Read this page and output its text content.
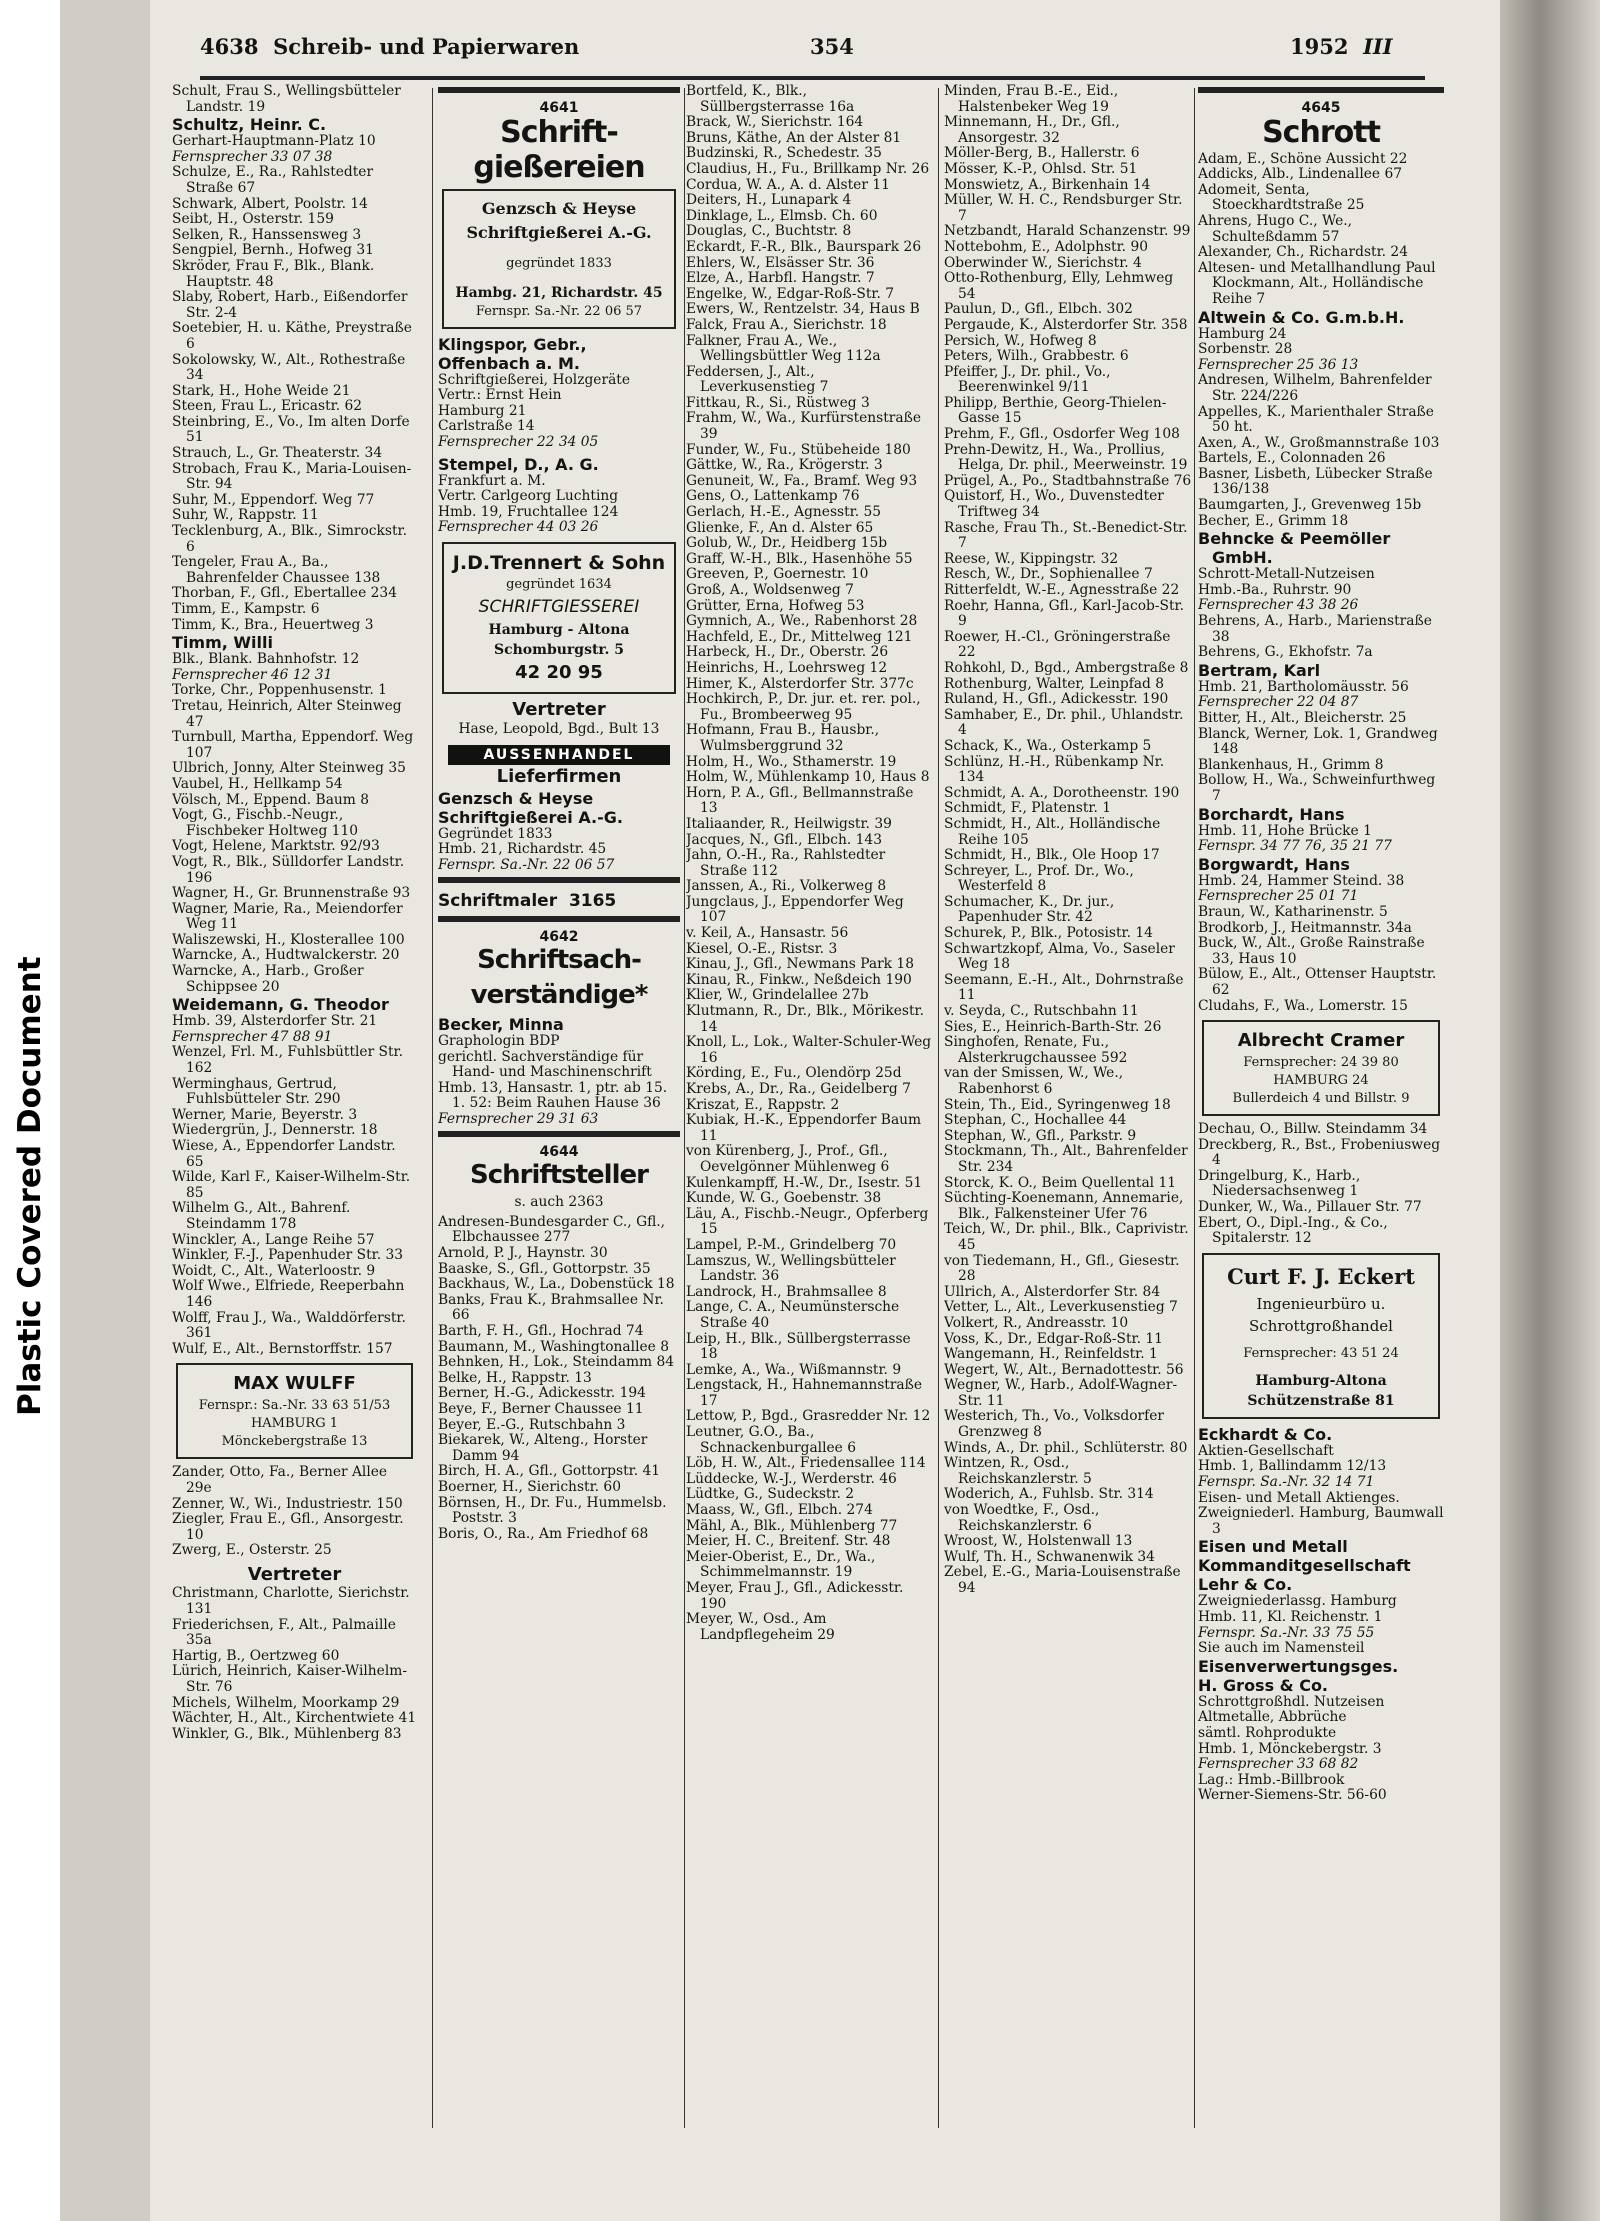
Plastic Covered Document
4638 Schreib- und Papierwaren	354	1952 III
Schult, Frau S., Wellingsbütteler Landstr. 19
Schultz, Heinr. C.
Gerhart-Hauptmann-Platz 10
Fernsprecher 33 07 38
Schulze, E., Ra., Rahlstedter Straße 67
Schwark, Albert, Poolstr. 14
Seibt, H., Osterstr. 159
Selken, R., Hanssensweg 3
Sengpiel, Bernh., Hofweg 31
Skröder, Frau F., Blk., Blank. Hauptstr. 48
Slaby, Robert, Harb., Eißendorfer Str. 2-4
Soetebier, H. u. Käthe, Preystraße 6
Sokolowsky, W., Alt., Rothestraße 34
Stark, H., Hohe Weide 21
Steen, Frau L., Ericastr. 62
Steinbring, E., Vo., Im alten Dorfe 51
Strauch, L., Gr. Theaterstr. 34
Strobach, Frau K., Maria-Louisen-Str. 94
Suhr, M., Eppendorf. Weg 77
Suhr, W., Rappstr. 11
Tecklenburg, A., Blk., Simrockstr. 6
Tengeler, Frau A., Ba., Bahrenfelder Chaussee 138
Thorban, F., Gfl., Ebertallee 234
Timm, E., Kampstr. 6
Timm, K., Bra., Heuertweg 3
Timm, Willi
Blk., Blank. Bahnhofstr. 12
Fernsprecher 46 12 31
Torke, Chr., Poppenhusenstr. 1
Tretau, Heinrich, Alter Steinweg 47
Turnbull, Martha, Eppendorf. Weg 107
Ulbrich, Jonny, Alter Steinweg 35
Vaubel, H., Hellkamp 54
Völsch, M., Eppend. Baum 8
Vogt, G., Fischb.-Neugr., Fischbeker Holtweg 110
Vogt, Helene, Marktstr. 92/93
Vogt, R., Blk., Sülldorfer Landstr. 196
Wagner, H., Gr. Brunnenstraße 93
Wagner, Marie, Ra., Meiendorfer Weg 11
Waliszewski, H., Klosterallee 100
Warncke, A., Hudtwalckerstr. 20
Warncke, A., Harb., Großer Schippsee 20
Weidemann, G. Theodor
Hmb. 39, Alsterdorfer Str. 21
Fernsprecher 47 88 91
Wenzel, Frl. M., Fuhlsbüttler Str. 162
Werminghaus, Gertrud, Fuhlsbütteler Str. 290
Werner, Marie, Beyerstr. 3
Wiedergrün, J., Dennerstr. 18
Wiese, A., Eppendorfer Landstr. 65
Wilde, Karl F., Kaiser-Wilhelm-Str. 85
Wilhelm G., Alt., Bahrenf. Steindamm 178
Winckler, A., Lange Reihe 57
Winkler, F.-J., Papenhuder Str. 33
Woidt, C., Alt., Waterloostr. 9
Wolf Wwe., Elfriede, Reeperbahn 146
Wolff, Frau J., Wa., Walddörferstr. 361
Wulf, E., Alt., Bernstorffstr. 157
MAX WULFF
Fernspr.: Sa.-Nr. 33 63 51/53
HAMBURG 1
Mönckebergstraße 13
Zander, Otto, Fa., Berner Allee 29e
Zenner, W., Wi., Industriestr. 150
Ziegler, Frau E., Gfl., Ansorgestr. 10
Zwerg, E., Osterstr. 25
Vertreter
Christmann, Charlotte, Sierichstr. 131
Friederichsen, F., Alt., Palmaille 35a
Hartig, B., Oertzweg 60
Lürich, Heinrich, Kaiser-Wilhelm-Str. 76
Michels, Wilhelm, Moorkamp 29
Wächter, H., Alt., Kirchentwiete 41
Winkler, G., Blk., Mühlenberg 83
4641
Schrift-
gießereien
Genzsch & Heyse
Schriftgießerei A.-G.
gegründet 1833
Hambg. 21, Richardstr. 45
Fernspr. Sa.-Nr. 22 06 57
Klingspor, Gebr.,
Offenbach a. M.
Schriftgießerei, Holzgeräte
Vertr.: Ernst Hein
Hamburg 21
Carlstraße 14
Fernsprecher 22 34 05
Stempel, D., A. G.
Frankfurt a. M.
Vertr. Carlgeorg Luchting
Hmb. 19, Fruchtallee 124
Fernsprecher 44 03 26
J.D.Trennert & Sohn
gegründet 1634
SCHRIFTGIESSEREI
Hamburg - Altona
Schomburgstr. 5
42 20 95
Vertreter
Hase, Leopold, Bgd., Bult 13
AUSSENHANDEL
Lieferfirmen
Genzsch & Heyse
Schriftgießerei A.-G.
Gegründet 1833
Hmb. 21, Richardstr. 45
Fernspr. Sa.-Nr. 22 06 57
Schriftmaler 3165
4642
Schriftsach-
verständige*
Becker, Minna
Graphologin BDP
gerichtl. Sachverständige für Hand- und Maschinenschrift
Hmb. 13, Hansastr. 1, ptr. ab 15. 1. 52: Beim Rauhen Hause 36
Fernsprecher 29 31 63
4644
Schriftsteller
s. auch 2363
Andresen-Bundesgarder C., Gfl., Elbchaussee 277
Arnold, P. J., Haynstr. 30
Baaske, S., Gfl., Gottorpstr. 35
Backhaus, W., La., Dobenstück 18
Banks, Frau K., Brahmsallee Nr. 66
Barth, F. H., Gfl., Hochrad 74
Baumann, M., Washingtonallee 8
Behnken, H., Lok., Steindamm 84
Belke, H., Rappstr. 13
Berner, H.-G., Adickesstr. 194
Beye, F., Berner Chaussee 11
Beyer, E.-G., Rutschbahn 3
Biekarek, W., Alteng., Horster Damm 94
Birch, H. A., Gfl., Gottorpstr. 41
Boerner, H., Sierichstr. 60
Börnsen, H., Dr. Fu., Hummelsb. Poststr. 3
Boris, O., Ra., Am Friedhof 68
Bortfeld, K., Blk., Süllbergsterrasse 16a
Brack, W., Sierichstr. 164
Bruns, Käthe, An der Alster 81
Budzinski, R., Schedestr. 35
Claudius, H., Fu., Brillkamp Nr. 26
Cordua, W. A., A. d. Alster 11
Deiters, H., Lunapark 4
Dinklage, L., Elmsb. Ch. 60
Douglas, C., Buchtstr. 8
Eckardt, F.-R., Blk., Baurspark 26
Ehlers, W., Elsässer Str. 36
Elze, A., Harbfl. Hangstr. 7
Engelke, W., Edgar-Roß-Str. 7
Ewers, W., Rentzelstr. 34, Haus B
Falck, Frau A., Sierichstr. 18
Falkner, Frau A., We., Wellingsbüttler Weg 112a
Feddersen, J., Alt., Leverkusenstieg 7
Fittkau, R., Si., Rüstweg 3
Frahm, W., Wa., Kurfürstenstraße 39
Funder, W., Fu., Stübeheide 180
Gättke, W., Ra., Krögerstr. 3
Genuneit, W., Fa., Bramf. Weg 93
Gens, O., Lattenkamp 76
Gerlach, H.-E., Agnesstr. 55
Glienke, F., An d. Alster 65
Golub, W., Dr., Heidberg 15b
Graff, W.-H., Blk., Hasenhöhe 55
Greeven, P., Goernestr. 10
Groß, A., Woldsenweg 7
Grütter, Erna, Hofweg 53
Gymnich, A., We., Rabenhorst 28
Hachfeld, E., Dr., Mittelweg 121
Harbeck, H., Dr., Oberstr. 26
Heinrichs, H., Loehrsweg 12
Himer, K., Alsterdorfer Str. 377c
Hochkirch, P., Dr. jur. et. rer. pol., Fu., Brombeerweg 95
Hofmann, Frau B., Hausbr., Wulmsberggrund 32
Holm, H., Wo., Sthamerstr. 19
Holm, W., Mühlenkamp 10, Haus 8
Horn, P. A., Gfl., Bellmannstraße 13
Italiaander, R., Heilwigstr. 39
Jacques, N., Gfl., Elbch. 143
Jahn, O.-H., Ra., Rahlstedter Straße 112
Janssen, A., Ri., Volkerweg 8
Jungclaus, J., Eppendorfer Weg 107
v. Keil, A., Hansastr. 56
Kiesel, O.-E., Ristsr. 3
Kinau, J., Gfl., Newmans Park 18
Kinau, R., Finkw., Neßdeich 190
Klier, W., Grindelallee 27b
Klutmann, R., Dr., Blk., Mörikestr. 14
Knoll, L., Lok., Walter-Schuler-Weg 16
Körding, E., Fu., Olendörp 25d
Krebs, A., Dr., Ra., Geidelberg 7
Kriszat, E., Rappstr. 2
Kubiak, H.-K., Eppendorfer Baum 11
von Kürenberg, J., Prof., Gfl., Oevelgönner Mühlenweg 6
Kulenkampff, H.-W., Dr., Isestr. 51
Kunde, W. G., Goebenstr. 38
Läu, A., Fischb.-Neugr., Opferberg 15
Lampel, P.-M., Grindelberg 70
Lamszus, W., Wellingsbütteler Landstr. 36
Landrock, H., Brahmsallee 8
Lange, C. A., Neumünstersche Straße 40
Leip, H., Blk., Süllbergsterrasse 18
Lemke, A., Wa., Wißmannstr. 9
Lengstack, H., Hahnemannstraße 17
Lettow, P., Bgd., Grasredder Nr. 12
Leutner, G.O., Ba., Schnackenburgallee 6
Löb, H. W., Alt., Friedensallee 114
Lüddecke, W.-J., Werderstr. 46
Lüdtke, G., Sudeckstr. 2
Maass, W., Gfl., Elbch. 274
Mähl, A., Blk., Mühlenberg 77
Meier, H. C., Breitenf. Str. 48
Meier-Oberist, E., Dr., Wa., Schimmelmannstr. 19
Meyer, Frau J., Gfl., Adickesstr. 190
Meyer, W., Osd., Am Landpflegeheim 29
Minden, Frau B.-E., Eid., Halstenbeker Weg 19
Minnemann, H., Dr., Gfl., Ansorgestr. 32
Möller-Berg, B., Hallerstr. 6
Mösser, K.-P., Ohlsd. Str. 51
Monswietz, A., Birkenhain 14
Müller, W. H. C., Rendsburger Str. 7
Netzbandt, Harald Schanzenstr. 99
Nottebohm, E., Adolphstr. 90
Oberwinder W., Sierichstr. 4
Otto-Rothenburg, Elly, Lehmweg 54
Paulun, D., Gfl., Elbch. 302
Pergaude, K., Alsterdorfer Str. 358
Persich, W., Hofweg 8
Peters, Wilh., Grabbestr. 6
Pfeiffer, J., Dr. phil., Vo., Beerenwinkel 9/11
Philipp, Berthie, Georg-Thielen-Gasse 15
Prehm, F., Gfl., Osdorfer Weg 108
Prehn-Dewitz, H., Wa., Prollius, Helga, Dr. phil., Meerweinstr. 19
Prügel, A., Po., Stadtbahnstraße 76
Quistorf, H., Wo., Duvenstedter Triftweg 34
Rasche, Frau Th., St.-Benedict-Str. 7
Reese, W., Kippingstr. 32
Resch, W., Dr., Sophienallee 7
Ritterfeldt, W.-E., Agnesstraße 22
Roehr, Hanna, Gfl., Karl-Jacob-Str. 9
Roewer, H.-Cl., Gröningerstraße 22
Rohkohl, D., Bgd., Ambergstraße 8
Rothenburg, Walter, Leinpfad 8
Ruland, H., Gfl., Adickesstr. 190
Samhaber, E., Dr. phil., Uhlandstr. 4
Schack, K., Wa., Osterkamp 5
Schlünz, H.-H., Rübenkamp Nr. 134
Schmidt, A. A., Dorotheenstr. 190
Schmidt, F., Platenstr. 1
Schmidt, H., Alt., Holländische Reihe 105
Schmidt, H., Blk., Ole Hoop 17
Schreyer, L., Prof. Dr., Wo., Westerfeld 8
Schumacher, K., Dr. jur., Papenhuder Str. 42
Schurek, P., Blk., Potosistr. 14
Schwartzkopf, Alma, Vo., Saseler Weg 18
Seemann, E.-H., Alt., Dohrnstraße 11
v. Seyda, C., Rutschbahn 11
Sies, E., Heinrich-Barth-Str. 26
Singhofen, Renate, Fu., Alsterkrugchaussee 592
van der Smissen, W., We., Rabenhorst 6
Stein, Th., Eid., Syringenweg 18
Stephan, C., Hochallee 44
Stephan, W., Gfl., Parkstr. 9
Stockmann, Th., Alt., Bahrenfelder Str. 234
Storck, K. O., Beim Quellental 11
Süchting-Koenemann, Annemarie, Blk., Falkensteiner Ufer 76
Teich, W., Dr. phil., Blk., Caprivistr. 45
von Tiedemann, H., Gfl., Giesestr. 28
Ullrich, A., Alsterdorfer Str. 84
Vetter, L., Alt., Leverkusenstieg 7
Volkert, R., Andreasstr. 10
Voss, K., Dr., Edgar-Roß-Str. 11
Wangemann, H., Reinfeldstr. 1
Wegert, W., Alt., Bernadottestr. 56
Wegner, W., Harb., Adolf-Wagner-Str. 11
Westerich, Th., Vo., Volksdorfer Grenzweg 8
Winds, A., Dr. phil., Schlüterstr. 80
Wintzen, R., Osd., Reichskanzlerstr. 5
Woderich, A., Fuhlsb. Str. 314
von Woedtke, F., Osd., Reichskanzlerstr. 6
Wroost, W., Holstenwall 13
Wulf, Th. H., Schwanenwik 34
Zebel, E.-G., Maria-Louisenstraße 94
4645
Schrott
Adam, E., Schöne Aussicht 22
Addicks, Alb., Lindenallee 67
Adomeit, Senta, Stoeckhardtstraße 25
Ahrens, Hugo C., We., Schulteßdamm 57
Alexander, Ch., Richardstr. 24
Altesen- und Metallhandlung Paul Klockmann, Alt., Holländische Reihe 7
Altwein & Co. G.m.b.H.
Hamburg 24
Sorbenstr. 28
Fernsprecher 25 36 13
Andresen, Wilhelm, Bahrenfelder Str. 224/226
Appelles, K., Marienthaler Straße 50 ht.
Axen, A., W., Großmannstraße 103
Bartels, E., Colonnaden 26
Basner, Lisbeth, Lübecker Straße 136/138
Baumgarten, J., Grevenweg 15b
Becher, E., Grimm 18
Behncke & Peemöller GmbH.
Schrott-Metall-Nutzeisen
Hmb.-Ba., Ruhrstr. 90
Fernsprecher 43 38 26
Behrens, A., Harb., Marienstraße 38
Behrens, G., Ekhofstr. 7a
Bertram, Karl
Hmb. 21, Bartholomäusstr. 56
Fernsprecher 22 04 87
Bitter, H., Alt., Bleicherstr. 25
Blanck, Werner, Lok. 1, Grandweg 148
Blankenhaus, H., Grimm 8
Bollow, H., Wa., Schweinfurthweg 7
Borchardt, Hans
Hmb. 11, Hohe Brücke 1
Fernspr. 34 77 76, 35 21 77
Borgwardt, Hans
Hmb. 24, Hammer Steind. 38
Fernsprecher 25 01 71
Braun, W., Katharinenstr. 5
Brodkorb, J., Heitmannstr. 34a
Buck, W., Alt., Große Rainstraße 33, Haus 10
Bülow, E., Alt., Ottenser Hauptstr. 62
Cludahs, F., Wa., Lomerstr. 15
Albrecht Cramer
Fernsprecher: 24 39 80
HAMBURG 24
Bullerdeich 4 und Billstr. 9
Dechau, O., Billw. Steindamm 34
Dreckberg, R., Bst., Frobeniusweg 4
Dringelburg, K., Harb., Niedersachsenweg 1
Dunker, W., Wa., Pillauer Str. 77
Ebert, O., Dipl.-Ing., & Co., Spitalerstr. 12
Curt F. J. Eckert
Ingenieurbüro u.
Schrottgroßhandel
Fernsprecher: 43 51 24
Hamburg-Altona
Schützenstraße 81
Eckhardt & Co.
Aktien-Gesellschaft
Hmb. 1, Ballindamm 12/13
Fernspr. Sa.-Nr. 32 14 71
Eisen- und Metall Aktienges.
Zweigniederl. Hamburg, Baumwall 3
Eisen und Metall
Kommanditgesellschaft
Lehr & Co.
Zweigniederlassg. Hamburg
Hmb. 11, Kl. Reichenstr. 1
Fernspr. Sa.-Nr. 33 75 55
Sie auch im Namensteil
Eisenverwertungsges.
H. Gross & Co.
Schrottgroßhdl. Nutzeisen
Altmetalle, Abbrüche
sämtl. Rohprodukte
Hmb. 1, Mönckebergstr. 3
Fernsprecher 33 68 82
Lag.: Hmb.-Billbrook
Werner-Siemens-Str. 56-60
